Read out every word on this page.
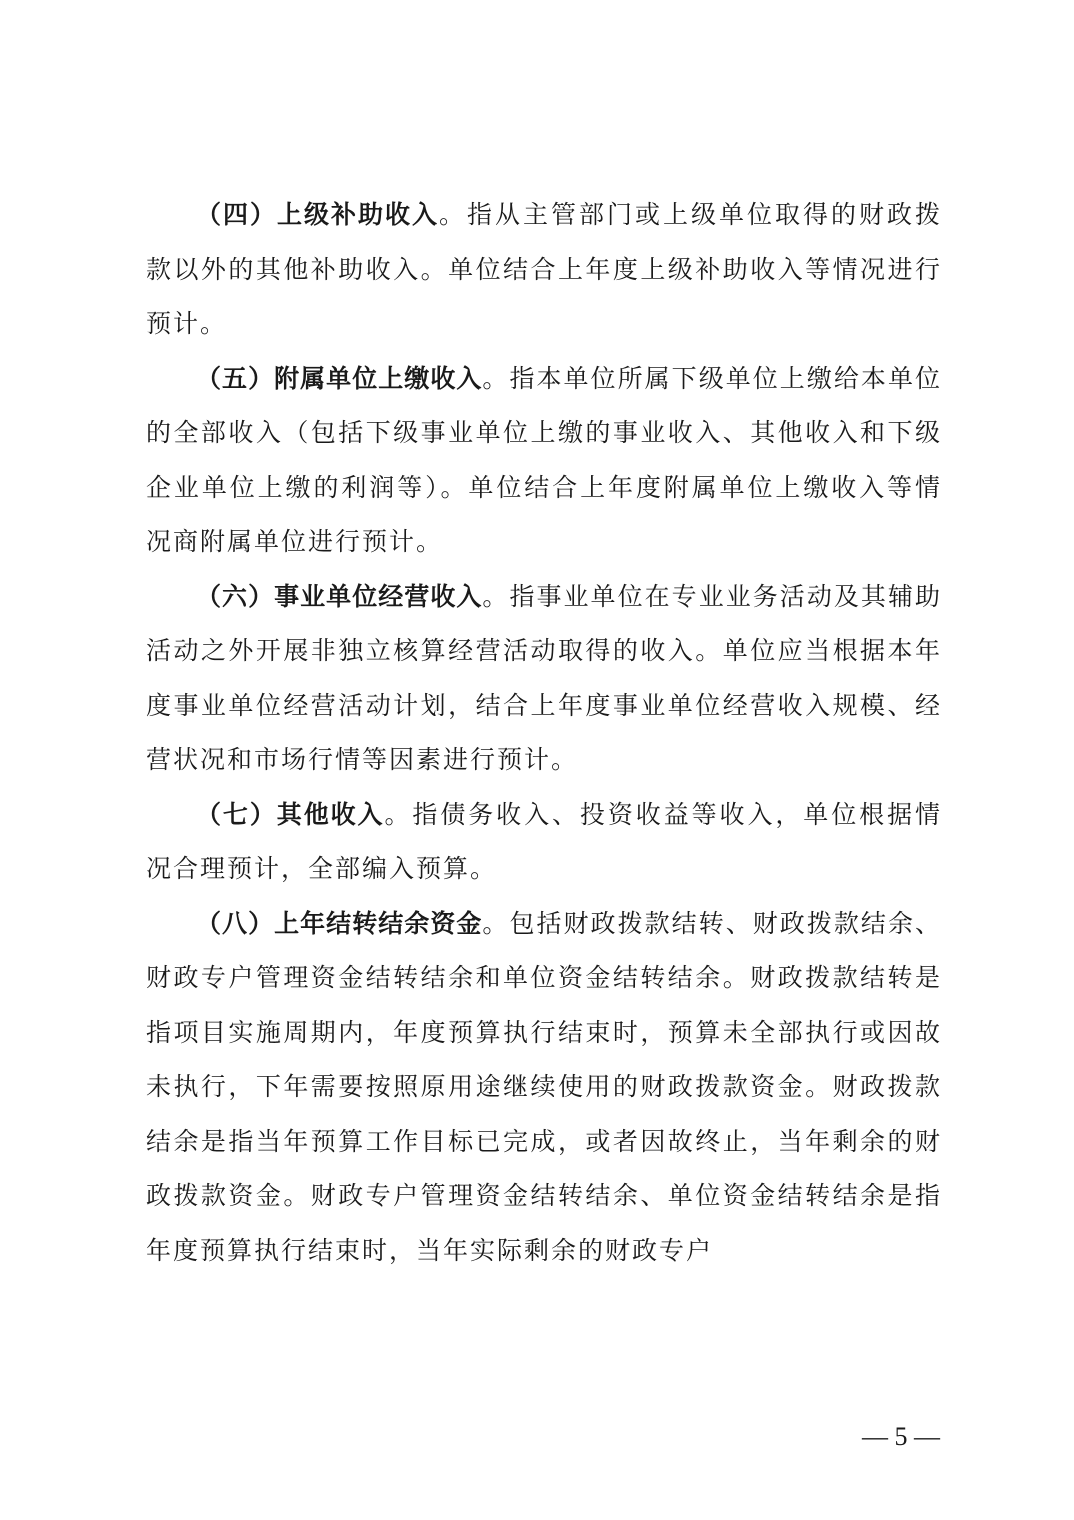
（四）上级补助收入。指从主管部门或上级单位取得的财政拨款以外的其他补助收入。单位结合上年度上级补助收入等情况进行预计。

（五）附属单位上缴收入。指本单位所属下级单位上缴给本单位的全部收入（包括下级事业单位上缴的事业收入、其他收入和下级企业单位上缴的利润等）。单位结合上年度附属单位上缴收入等情况商附属单位进行预计。

（六）事业单位经营收入。指事业单位在专业业务活动及其辅助活动之外开展非独立核算经营活动取得的收入。单位应当根据本年度事业单位经营活动计划，结合上年度事业单位经营收入规模、经营状况和市场行情等因素进行预计。

（七）其他收入。指债务收入、投资收益等收入，单位根据情况合理预计，全部编入预算。

（八）上年结转结余资金。包括财政拨款结转、财政拨款结余、财政专户管理资金结转结余和单位资金结转结余。财政拨款结转是指项目实施周期内，年度预算执行结束时，预算未全部执行或因故未执行，下年需要按照原用途继续使用的财政拨款资金。财政拨款结余是指当年预算工作目标已完成，或者因故终止，当年剩余的财政拨款资金。财政专户管理资金结转结余、单位资金结转结余是指年度预算执行结束时，当年实际剩余的财政专户

— 5 —
